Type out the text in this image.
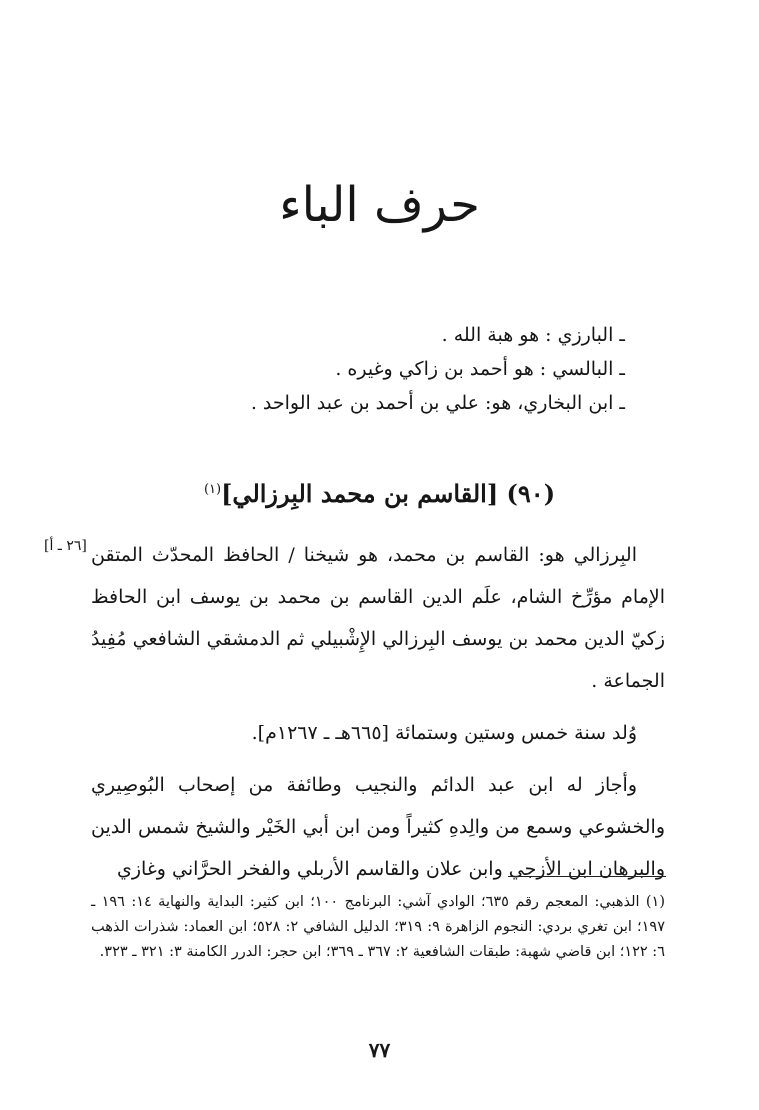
حرف الباء
ـ البارزي : هو هبة الله .
ـ البالسي : هو أحمد بن زاكي وغيره .
ـ ابن البخاري، هو: علي بن أحمد بن عبد الواحد .
(٩٠) [القاسم بن محمد البِرزالي]$^{(١)}$
[٢٦ ـ أ] البِرزالي هو: القاسم بن محمد، هو شيخنا / الحافظ المحدّث المتقن الإمام مؤرِّخ الشام، علَم الدين القاسم بن محمد بن يوسف ابن الحافظ زكيّ الدين محمد بن يوسف البِرزالي الإِشْبيلي ثم الدمشقي الشافعي مُفِيدُ الجماعة .

وُلد سنة خمس وستين وستمائة [٦٦٥هـ ـ ١٢٦٧م].

وأجاز له ابن عبد الدائم والنجيب وطائفة من إصحاب البُوصِيري والخشوعي وسمع من والِدهِ كثيراً ومن ابن أبي الخَيْر والشيخ شمس الدين والبرهان ابن الأزجي وابن علان والقاسم الأربلي والفخر الحرَّاني وغازي

(١) الذهبي: المعجم رقم ٦٣٥؛ الوادي آشي: البرنامج ١٠٠؛ ابن كثير: البداية والنهاية ١٤: ١٩٦ ـ ١٩٧؛ ابن تغري بردي: النجوم الزاهرة ٩: ٣١٩؛ الدليل الشافي ٢: ٥٢٨؛ ابن العماد: شذرات الذهب ٦: ١٢٢؛ ابن قاضي شهبة: طبقات الشافعية ٢: ٣٦٧ ـ ٣٦٩؛ ابن حجر: الدرر الكامنة ٣: ٣٢١ ـ ٣٢٣.
٧٧
